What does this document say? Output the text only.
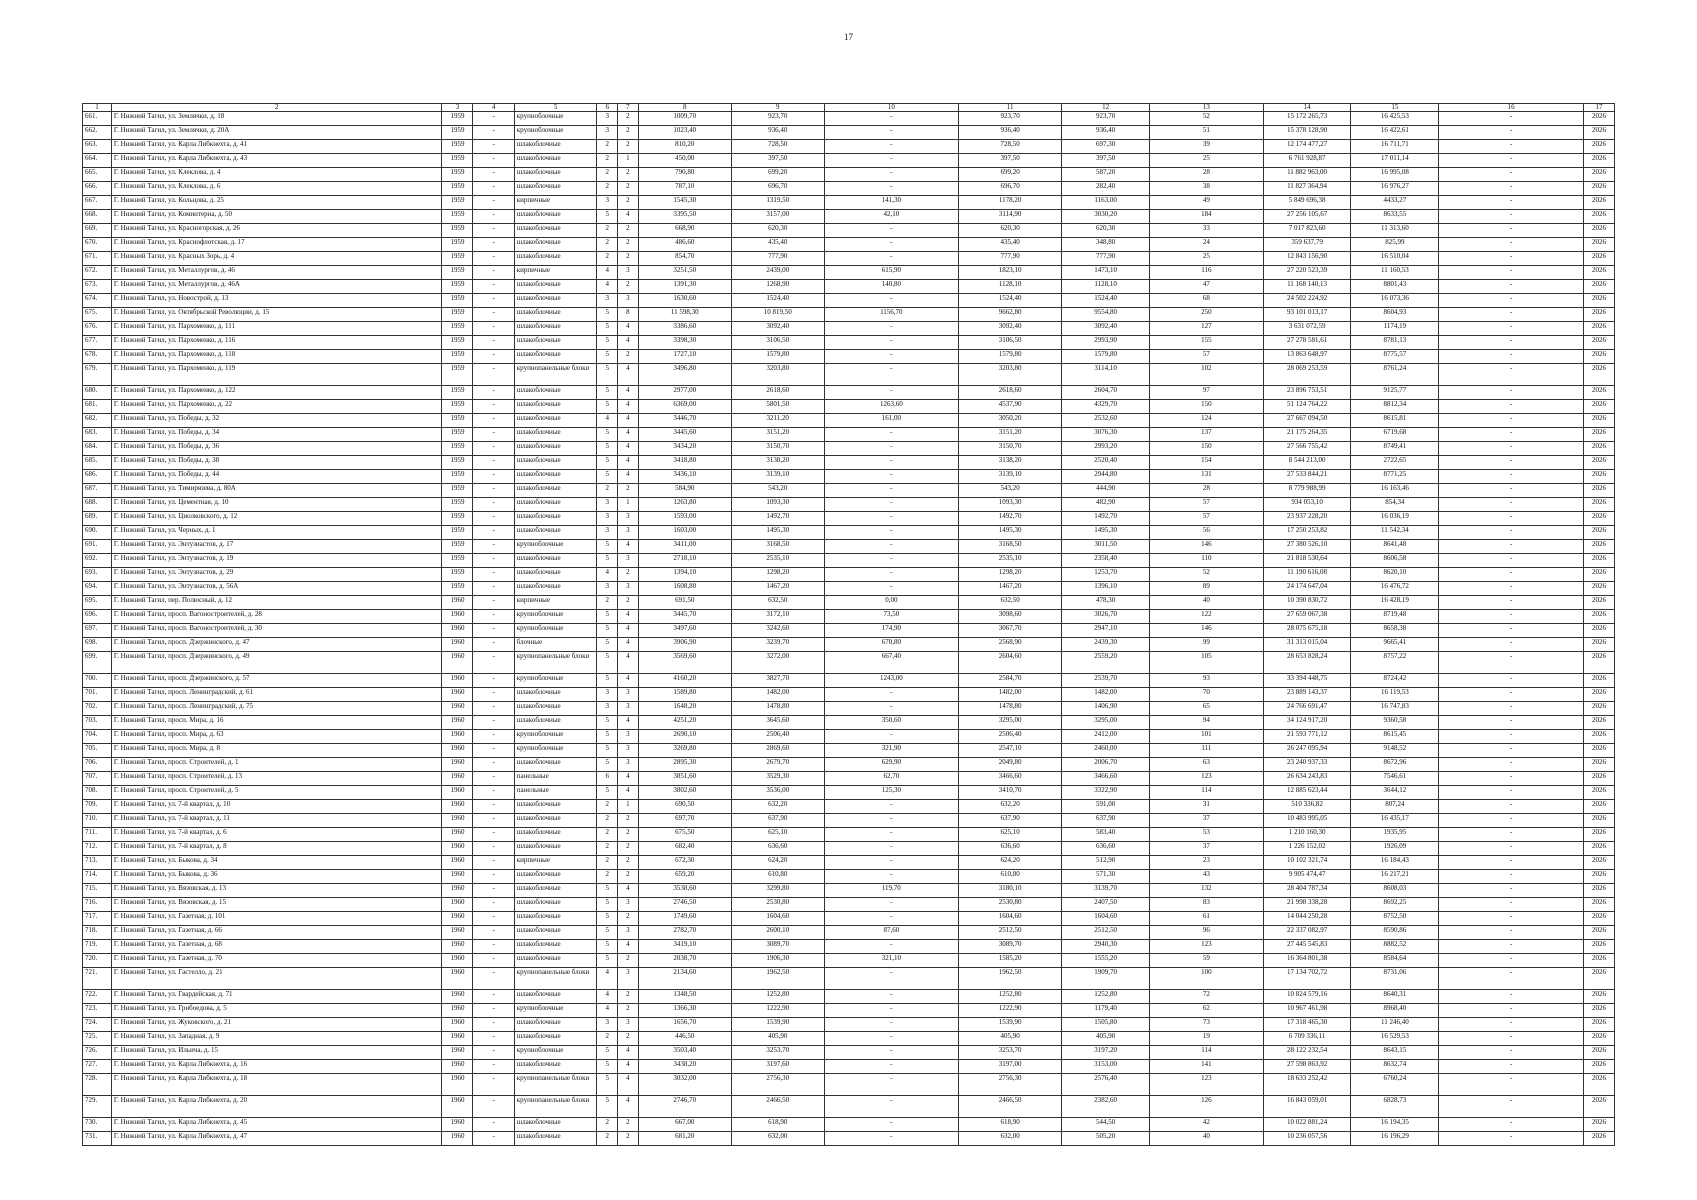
17
1	2	3	4	5	6	7	8	9	10	11	12	13	14	15	16	17
661.	Г. Нижний Тагил, ул. Землячки, д. 18	1959	-	крупноблочные	3	2	1009,70	923,70	-	923,70	923,70	52	15 172 265,73	16 425,53	-	2026
662.	Г. Нижний Тагил, ул. Землячки, д. 20А	1959	-	крупноблочные	3	2	1023,40	936,40	-	936,40	936,40	51	15 378 128,90	16 422,61	-	2026
663.	Г. Нижний Тагил, ул. Карла Либкнехта, д. 41	1959	-	шлакоблочные	2	2	810,20	728,50	-	728,50	697,30	39	12 174 477,27	16 711,71	-	2026
664.	Г. Нижний Тагил, ул. Карла Либкнехта, д. 43	1959	-	шлакоблочные	2	1	450,00	397,50	-	397,50	397,50	25	6 761 928,87	17 011,14	-	2026
665.	Г. Нижний Тагил, ул. Клеклова, д. 4	1959	-	шлакоблочные	2	2	790,80	699,20	-	699,20	587,20	28	11 882 963,00	16 995,08	-	2026
666.	Г. Нижний Тагил, ул. Клеклова, д. 6	1959	-	шлакоблочные	2	2	787,10	696,70	-	696,70	282,40	38	11 827 364,94	16 976,27	-	2026
667.	Г. Нижний Тагил, ул. Кольцова, д. 25	1959	-	кирпичные	3	2	1545,30	1319,50	141,30	1178,20	1163,00	49	5 849 696,38	4433,27	-	2026
668.	Г. Нижний Тагил, ул. Коминтерна, д. 50	1959	-	шлакоблочные	5	4	3395,50	3157,00	42,10	3114,90	3030,20	184	27 256 105,67	8633,55	-	2026
669.	Г. Нижний Тагил, ул. Красногорская, д. 26	1959	-	шлакоблочные	2	2	668,90	620,30	-	620,30	620,30	33	7 017 823,60	11 313,60	-	2026
670.	Г. Нижний Тагил, ул. Краснофлотская, д. 17	1959	-	шлакоблочные	2	2	486,60	435,40	-	435,40	348,80	24	359 637,79	825,99	-	2026
671.	Г. Нижний Тагил, ул. Красных Зорь, д. 4	1959	-	шлакоблочные	2	2	854,70	777,90	-	777,90	777,90	25	12 843 156,90	16 510,04	-	2026
672.	Г. Нижний Тагил, ул. Металлургов, д. 46	1959	-	кирпичные	4	3	3251,50	2439,00	615,90	1823,10	1473,10	116	27 220 523,39	11 160,53	-	2026
673.	Г. Нижний Тагил, ул. Металлургов, д. 46А	1959	-	шлакоблочные	4	2	1391,30	1268,90	140,80	1128,10	1128,10	47	11 168 140,13	8801,43	-	2026
674.	Г. Нижний Тагил, ул. Новострой, д. 13	1959	-	шлакоблочные	3	3	1630,60	1524,40	-	1524,40	1524,40	68	24 502 224,92	16 073,36	-	2026
675.	Г. Нижний Тагил, ул. Октябрьской Революции, д. 15	1959	-	шлакоблочные	5	8	11 598,30	10 819,50	1156,70	9662,80	9554,80	250	93 101 013,17	8604,93	-	2026
676.	Г. Нижний Тагил, ул. Пархоменко, д. 111	1959	-	шлакоблочные	5	4	3386,60	3092,40	-	3092,40	3092,40	127	3 631 072,59	1174,19	-	2026
677.	Г. Нижний Тагил, ул. Пархоменко, д. 116	1959	-	шлакоблочные	5	4	3398,30	3106,50	-	3106,50	2993,90	155	27 278 581,61	8781,13	-	2026
678.	Г. Нижний Тагил, ул. Пархоменко, д. 118	1959	-	шлакоблочные	5	2	1727,10	1579,80	-	1579,80	1579,80	57	13 863 648,97	8775,57	-	2026
679.	Г. Нижний Тагил, ул. Пархоменко, д. 119	1959	-	крупнопанельные блоки	5	4	3496,80	3203,80	-	3203,80	3114,10	102	28 069 253,59	8761,24	-	2026
680.	Г. Нижний Тагил, ул. Пархоменко, д. 122	1959	-	шлакоблочные	5	4	2977,00	2618,60	-	2618,60	2604,70	97	23 896 753,51	9125,77	-	2026
681.	Г. Нижний Тагил, ул. Пархоменко, д. 22	1959	-	шлакоблочные	5	4	6369,00	5801,50	1263,60	4537,90	4329,70	150	51 124 764,22	8812,34	-	2026
682.	Г. Нижний Тагил, ул. Победы, д. 32	1959	-	шлакоблочные	4	4	3446,70	3211,20	161,00	3050,20	2532,60	124	27 667 094,50	8615,81	-	2026
683.	Г. Нижний Тагил, ул. Победы, д. 34	1959	-	шлакоблочные	5	4	3445,60	3151,20	-	3151,20	3076,30	137	21 175 264,35	6719,68	-	2026
684.	Г. Нижний Тагил, ул. Победы, д. 36	1959	-	шлакоблочные	5	4	3434,20	3150,70	-	3150,70	2993,20	150	27 566 755,42	8749,41	-	2026
685.	Г. Нижний Тагил, ул. Победы, д. 38	1959	-	шлакоблочные	5	4	3418,80	3138,20	-	3138,20	2520,40	154	8 544 213,00	2722,65	-	2026
686.	Г. Нижний Тагил, ул. Победы, д. 44	1959	-	шлакоблочные	5	4	3436,10	3139,10	-	3139,10	2944,80	131	27 533 844,21	8771,25	-	2026
687.	Г. Нижний Тагил, ул. Тимирязева, д. 80А	1959	-	шлакоблочные	2	2	584,90	543,20	-	543,20	444,90	28	8 779 988,99	16 163,46	-	2026
688.	Г. Нижний Тагил, ул. Цементная, д. 10	1959	-	шлакоблочные	3	1	1263,80	1093,30	-	1093,30	482,90	57	934 053,10	854,34	-	2026
689.	Г. Нижний Тагил, ул. Циолковского, д. 12	1959	-	шлакоблочные	3	3	1593,00	1492,70	-	1492,70	1492,70	57	23 937 228,20	16 036,19	-	2026
690.	Г. Нижний Тагил, ул. Черных, д. 1	1959	-	шлакоблочные	3	3	1603,00	1495,30	-	1495,30	1495,30	56	17 250 253,82	11 542,34	-	2026
691.	Г. Нижний Тагил, ул. Энтузиастов, д. 17	1959	-	крупноблочные	5	4	3411,00	3168,50	-	3168,50	3011,50	146	27 380 526,10	8641,48	-	2026
692.	Г. Нижний Тагил, ул. Энтузиастов, д. 19	1959	-	шлакоблочные	5	3	2718,10	2535,10	-	2535,10	2358,40	110	21 818 530,64	8606,58	-	2026
693.	Г. Нижний Тагил, ул. Энтузиастов, д. 29	1959	-	шлакоблочные	4	2	1394,10	1298,20	-	1298,20	1253,70	52	11 190 616,08	8620,10	-	2026
694.	Г. Нижний Тагил, ул. Энтузиастов, д. 56А	1959	-	шлакоблочные	3	3	1608,80	1467,20	-	1467,20	1396,10	89	24 174 647,04	16 476,72	-	2026
695.	Г. Нижний Тагил, пер. Полюсный, д. 12	1960	-	кирпичные	2	2	691,50	632,50	0,00	632,50	478,30	40	10 390 830,72	16 428,19	-	2026
696.	Г. Нижний Тагил, просп. Вагоностроителей, д. 28	1960	-	крупноблочные	5	4	3445,70	3172,10	73,50	3098,60	3026,70	122	27 659 067,38	8719,48	-	2026
697.	Г. Нижний Тагил, просп. Вагоностроителей, д. 30	1960	-	крупноблочные	5	4	3497,60	3242,60	174,90	3067,70	2947,10	146	28 075 675,18	8658,38	-	2026
698.	Г. Нижний Тагил, просп. Дзержинского, д. 47	1960	-	блочные	5	4	3906,90	3239,70	670,80	2568,90	2439,30	99	31 313 015,04	9665,41	-	2026
699.	Г. Нижний Тагил, просп. Дзержинского, д. 49	1960	-	крупнопанельные блоки	5	4	3569,60	3272,00	667,40	2604,60	2559,20	105	28 653 828,24	8757,22	-	2026
700.	Г. Нижний Тагил, просп. Дзержинского, д. 57	1960	-	крупноблочные	5	4	4160,20	3827,70	1243,00	2584,70	2539,70	93	33 394 448,75	8724,42	-	2026
701.	Г. Нижний Тагил, просп. Ленинградский, д. 61	1960	-	шлакоблочные	3	3	1589,80	1482,00	-	1482,00	1482,00	70	23 889 143,37	16 119,53	-	2026
702.	Г. Нижний Тагил, просп. Ленинградский, д. 75	1960	-	шлакоблочные	3	3	1648,20	1478,80	-	1478,80	1406,90	65	24 766 691,47	16 747,83	-	2026
703.	Г. Нижний Тагил, просп. Мира, д. 16	1960	-	шлакоблочные	5	4	4251,20	3645,60	350,60	3295,00	3295,00	94	34 124 917,20	9360,58	-	2026
704.	Г. Нижний Тагил, просп. Мира, д. 63	1960	-	крупноблочные	5	3	2690,10	2506,40	-	2506,40	2412,00	101	21 593 771,12	8615,45	-	2026
705.	Г. Нижний Тагил, просп. Мира, д. 8	1960	-	крупноблочные	5	3	3269,80	2869,60	321,90	2547,10	2460,00	111	26 247 095,94	9148,52	-	2026
706.	Г. Нижний Тагил, просп. Строителей, д. 1	1960	-	шлакоблочные	5	3	2895,30	2679,70	629,90	2049,80	2006,70	63	23 240 937,33	8672,96	-	2026
707.	Г. Нижний Тагил, просп. Строителей, д. 13	1960	-	панельные	6	4	3851,60	3529,30	62,70	3466,60	3466,60	123	26 634 243,83	7546,61	-	2026
708.	Г. Нижний Тагил, просп. Строителей, д. 5	1960	-	панельные	5	4	3802,60	3536,00	125,30	3410,70	3322,90	114	12 885 623,44	3644,12	-	2026
709.	Г. Нижний Тагил, ул. 7-й квартал, д. 10	1960	-	шлакоблочные	2	1	690,50	632,20	-	632,20	591,00	31	510 336,82	807,24	-	2026
710.	Г. Нижний Тагил, ул. 7-й квартал, д. 11	1960	-	шлакоблочные	2	2	697,70	637,90	-	637,90	637,90	37	10 483 995,05	16 435,17	-	2026
711.	Г. Нижний Тагил, ул. 7-й квартал, д. 6	1960	-	шлакоблочные	2	2	675,50	625,10	-	625,10	583,40	53	1 210 160,30	1935,95	-	2026
712.	Г. Нижний Тагил, ул. 7-й квартал, д. 8	1960	-	шлакоблочные	2	2	682,40	636,60	-	636,60	636,60	37	1 226 152,02	1926,09	-	2026
713.	Г. Нижний Тагил, ул. Быкова, д. 34	1960	-	кирпичные	2	2	672,30	624,20	-	624,20	512,90	23	10 102 321,74	16 184,43	-	2026
714.	Г. Нижний Тагил, ул. Быкова, д. 36	1960	-	шлакоблочные	2	2	659,20	610,80	-	610,80	571,30	43	9 905 474,47	16 217,21	-	2026
715.	Г. Нижний Тагил, ул. Вязовская, д. 13	1960	-	шлакоблочные	5	4	3538,60	3299,80	119,70	3180,10	3139,70	132	28 404 787,34	8608,03	-	2026
716.	Г. Нижний Тагил, ул. Вязовская, д. 15	1960	-	шлакоблочные	5	3	2746,50	2530,80	-	2530,80	2407,50	83	21 998 338,28	8692,25	-	2026
717.	Г. Нижний Тагил, ул. Газетная, д. 101	1960	-	шлакоблочные	5	2	1749,60	1604,60	-	1604,60	1604,60	61	14 044 250,28	8752,50	-	2026
718.	Г. Нижний Тагил, ул. Газетная, д. 66	1960	-	шлакоблочные	5	3	2782,70	2600,10	87,60	2512,50	2512,50	96	22 337 082,97	8590,86	-	2026
719.	Г. Нижний Тагил, ул. Газетная, д. 68	1960	-	шлакоблочные	5	4	3419,10	3089,70	-	3089,70	2940,30	123	27 445 545,83	8882,52	-	2026
720.	Г. Нижний Тагил, ул. Газетная, д. 70	1960	-	шлакоблочные	5	2	2038,70	1906,30	321,10	1585,20	1555,20	59	16 364 801,38	8584,64	-	2026
721.	Г. Нижний Тагил, ул. Гастелло, д. 21	1960	-	крупнопанельные блоки	4	3	2134,60	1962,50	-	1962,50	1909,70	100	17 134 702,72	8731,06	-	2026
722.	Г. Нижний Тагил, ул. Гвардейская, д. 71	1960	-	шлакоблочные	4	2	1348,50	1252,80	-	1252,80	1252,80	72	10 824 579,16	8640,31	-	2026
723.	Г. Нижний Тагил, ул. Грибоедова, д. 5	1960	-	крупноблочные	4	2	1366,30	1222,90	-	1222,90	1179,40	62	10 967 461,98	8968,40	-	2026
724.	Г. Нижний Тагил, ул. Жуковского, д. 21	1960	-	шлакоблочные	3	3	1656,70	1539,90	-	1539,90	1505,80	73	17 318 465,30	11 246,40	-	2026
725.	Г. Нижний Тагил, ул. Западная, д. 9	1960	-	шлакоблочные	2	2	446,50	405,90	-	405,90	405,90	19	6 709 336,11	16 529,53	-	2026
726.	Г. Нижний Тагил, ул. Ильича, д. 15	1960	-	крупноблочные	5	4	3503,40	3253,70	-	3253,70	3197,20	114	28 122 232,54	8643,15	-	2026
727.	Г. Нижний Тагил, ул. Карла Либкнехта, д. 16	1960	-	шлакоблочные	5	4	3438,20	3197,60	-	3197,00	3153,00	141	27 598 863,92	8632,74	-	2026
728.	Г. Нижний Тагил, ул. Карла Либкнехта, д. 18	1960	-	крупнопанельные блоки	5	4	3032,00	2756,30	-	2756,30	2576,40	123	18 633 252,42	6760,24	-	2026
729.	Г. Нижний Тагил, ул. Карла Либкнехта, д. 20	1960	-	крупнопанельные блоки	5	4	2746,70	2466,50	-	2466,50	2382,60	126	16 843 059,01	6828,73	-	2026
730.	Г. Нижний Тагил, ул. Карла Либкнехта, д. 45	1960	-	шлакоблочные	2	2	667,00	618,90	-	618,90	544,50	42	10 022 881,24	16 194,35	-	2026
731.	Г. Нижний Тагил, ул. Карла Либкнехта, д. 47	1960	-	шлакоблочные	2	2	681,20	632,00	-	632,00	505,20	40	10 236 057,56	16 196,29	-	2026
